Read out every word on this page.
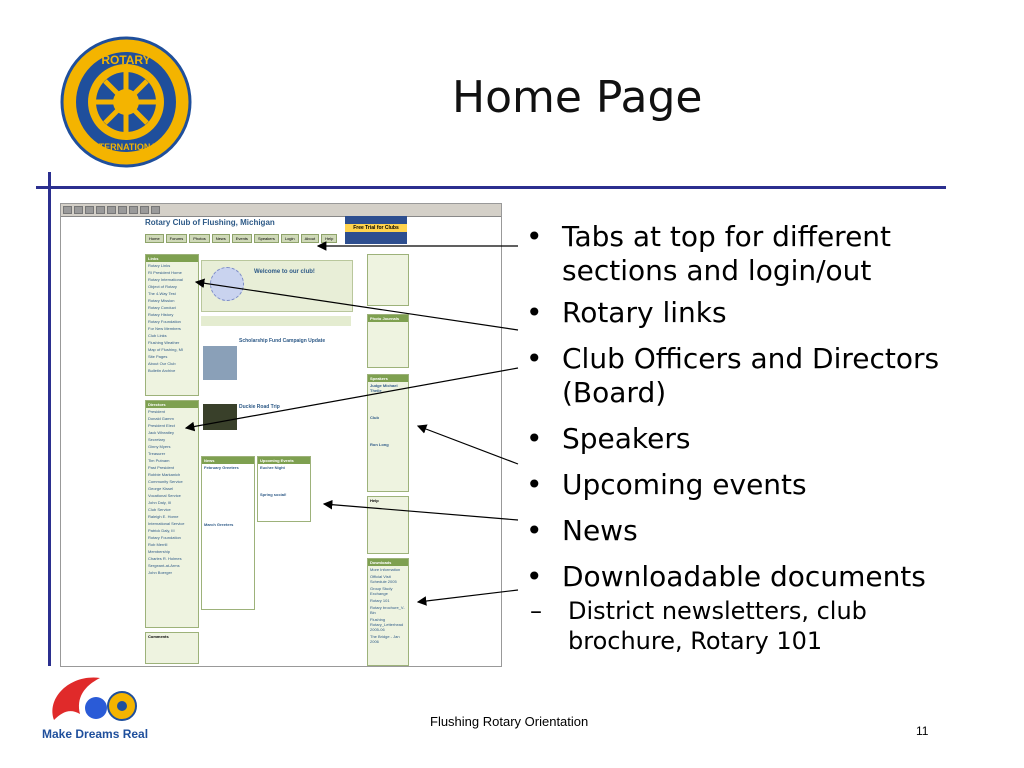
ROTARY
INTERNATIONAL
Home Page
Rotary Club of Flushing, Michigan
Free Trial for Clubs
Home	Forums	Photos	News	Events	Speakers	Login	About	Help
Links
Rotary Links
RI President Home
Rotary International
Object of Rotary
The 4-Way Test
Rotary Mission
Rotary Conduct
Rotary History
Rotary Foundation
For New Members
Club Links
Flushing Weather
Map of Flushing, MI
Site Pages
About Our Club
Bulletin Archive
Directors
President
Donald Gamm
President Elect
Jack Wheatley
Secretary
Ginny Myers
Treasurer
Tim Putnam
Past President
Robbie Markanich
Community Service
George Kissel
Vocational Service
John Daly, III
Club Service
Raleigh E. Horne
International Service
Patrick Daly, III
Rotary Foundation
Rob Merrill
Membership
Charles R. Holmes
Sergeant-at-Arms
John Boerger
Comments
Welcome to our club!
Scholarship Fund Campaign Update
Duckie Road Trip
News
February Greeters
March Greeters
Upcoming Events
Euchre Night
Spring social!
Photo Journals
Speakers
Judge Michael Theile
Club
Ron Long
Help
Downloads
More Information
Official Visit Schedule 2005
Group Study Exchange
Rotary 101
Rotary brochure_V-Bin
Flushing Rotary_Letterhead 2005-06
The Bridge - Jan 2006
• Tabs at top for different sections and login/out
• Rotary links
• Club Officers and Directors (Board)
• Speakers
• Upcoming events
• News
• Downloadable documents
– District newsletters, club brochure, Rotary 101
Make Dreams Real
Flushing Rotary Orientation
11
